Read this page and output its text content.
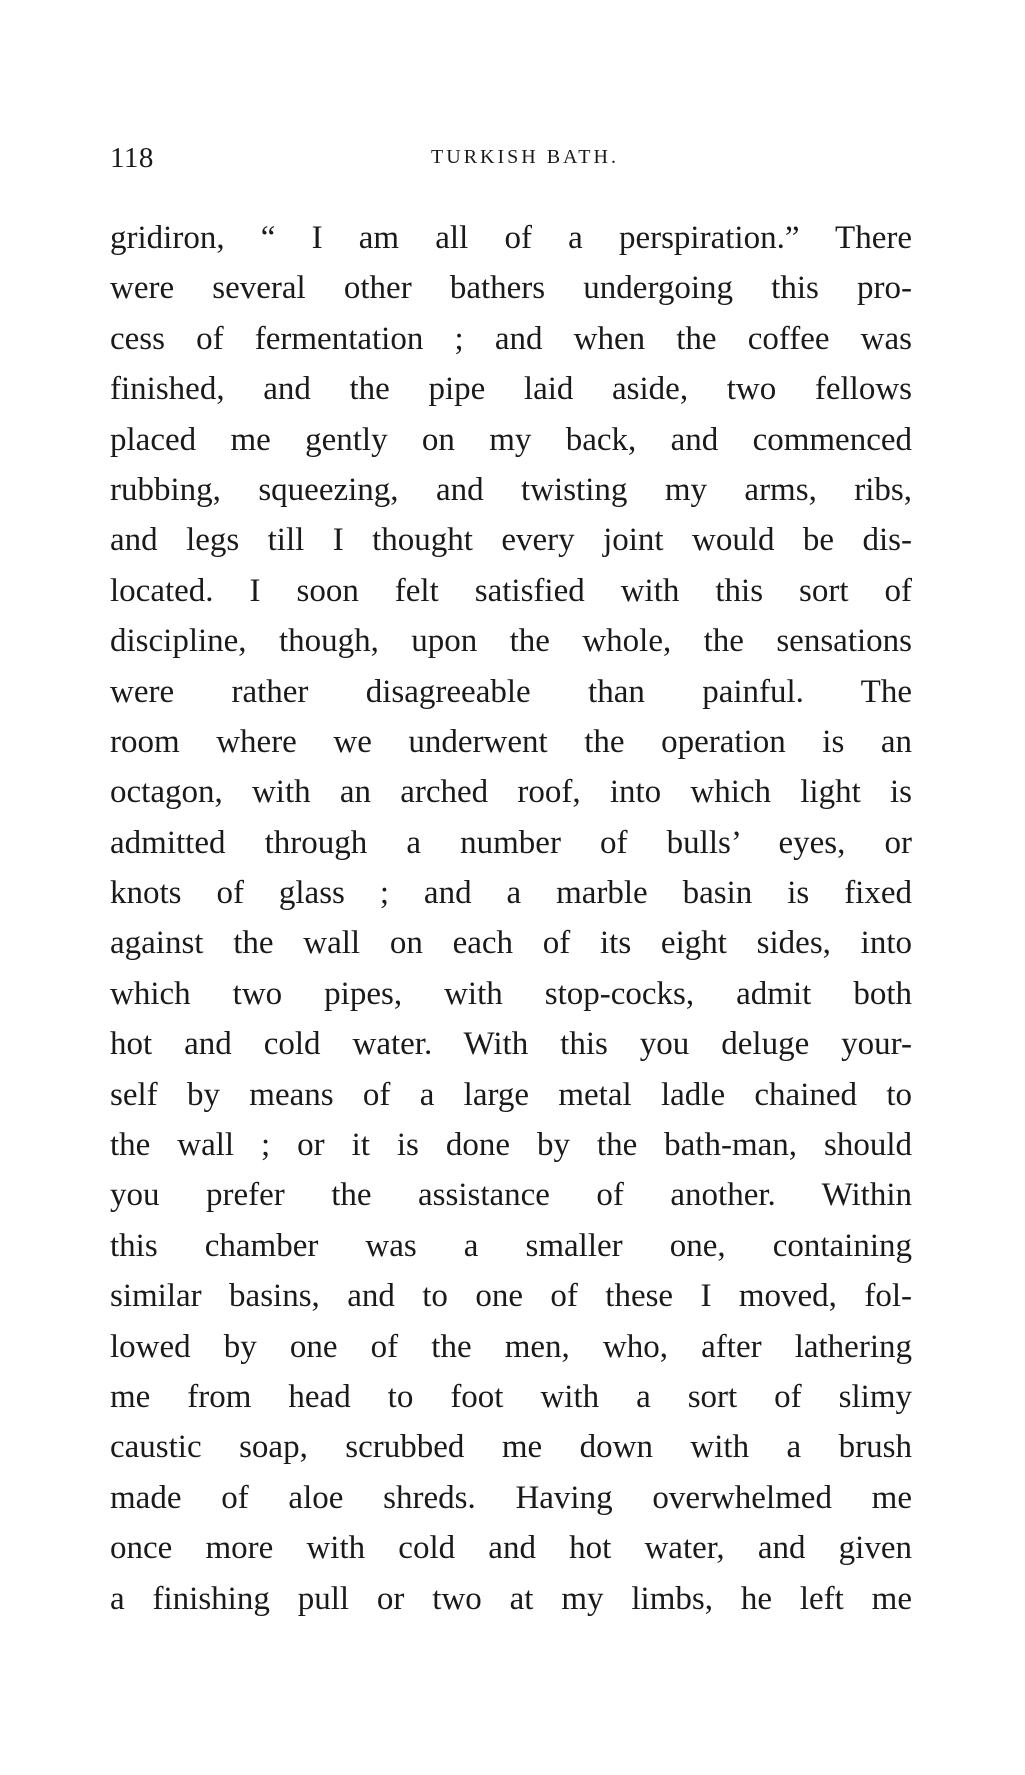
118	TURKISH BATH.
gridiron, “ I am all of a perspiration.” There
were several other bathers undergoing this pro-
cess of fermentation ; and when the coffee was
finished, and the pipe laid aside, two fellows
placed me gently on my back, and commenced
rubbing, squeezing, and twisting my arms, ribs,
and legs till I thought every joint would be dis-
located. I soon felt satisfied with this sort of
discipline, though, upon the whole, the sensations
were rather disagreeable than painful. The
room where we underwent the operation is an
octagon, with an arched roof, into which light is
admitted through a number of bulls’ eyes, or
knots of glass ; and a marble basin is fixed
against the wall on each of its eight sides, into
which two pipes, with stop-cocks, admit both
hot and cold water. With this you deluge your-
self by means of a large metal ladle chained to
the wall ; or it is done by the bath-man, should
you prefer the assistance of another. Within
this chamber was a smaller one, containing
similar basins, and to one of these I moved, fol-
lowed by one of the men, who, after lathering
me from head to foot with a sort of slimy
caustic soap, scrubbed me down with a brush
made of aloe shreds. Having overwhelmed me
once more with cold and hot water, and given
a finishing pull or two at my limbs, he left me
